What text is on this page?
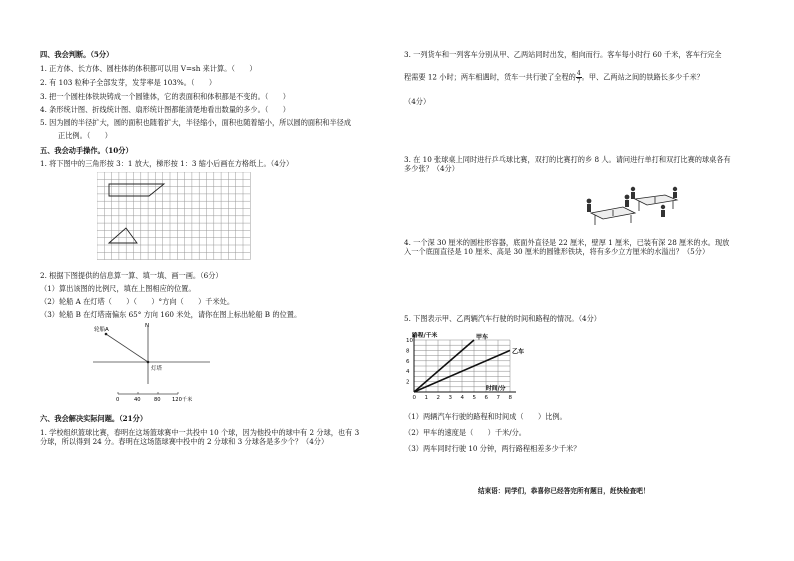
四、我会判断。（5分）
1. 正方体、长方体、圆柱体的体积都可以用 V=sh 来计算。（　　）
2. 有 103 粒种子全部发芽，发芽率是 103%。（　　）
3. 把一个圆柱体铁块铸成一个圆锥体，它的表面积和体积都是不变的。（　　）
4. 条形统计图、折线统计图、扇形统计图都能清楚地看出数量的多少。（　　）
5. 因为圆的半径扩大，圆的面积也随着扩大，半径缩小，面积也随着缩小，所以圆的面积和半径成
正比例。（　　）
五、我会动手操作。（10分）
1. 将下图中的三角形按 3：1 放大，梯形按 1：3 缩小后画在方格纸上。（4分）
2. 根据下图提供的信息算一算、填一填、画一画。（6分）
（1）算出该图的比例尺，填在上图相应的位置。
（2）轮船 A 在灯塔（　　）（　　）°方向（　　）千米处。
（3）轮船 B 在灯塔南偏东 65° 方向 160 米处，请你在图上标出轮船 B 的位置。
轮船A
N
灯塔
0	40	80 120千米
六、我会解决实际问题。（21分）
1. 学校组织篮球比赛，春明在这场篮球赛中一共投中 10 个球，因为他投中的球中有 2 分球，也有 3 分球，所以得到 24 分。春明在这场篮球赛中投中的 2 分球和 3 分球各是多少个？（4分）
3. 一列货车和一列客车分别从甲、乙两站同时出发，相向而行。客车每小时行 60 千米，客车行完全
程需要 12 小时；两车相遇时，货车一共行驶了全程的 $\frac{4}{7}$ 。甲、乙两站之间的铁路长多少千米？
（4分）
3. 在 10 张球桌上同时进行乒乓球比赛，双打的比赛打的乡 8 人。请问进行单打和双打比赛的球桌各有多少张？（4分）
4. 一个深 30 厘米的圆柱形容器，底面外直径是 22 厘米，壁厚 1 厘米，已装有深 28 厘米的水。现放入一个底面直径是 10 厘米、高是 30 厘米的圆锥形铁块，将有多少立方厘米的水溢出？（5分）
5. 下图表示甲、乙两辆汽车行驶的时间和路程的情况。（4分）
甲车
乙车
0 1 2 3 4 5 6 7 8
2
4
6
8
10
路程/千米
时间/分
（1）两辆汽车行驶的路程和时间成（　　）比例。
（2）甲车的速度是（　　）千米/分。
（3）两车同时行驶 10 分钟，两行路程相差多少千米？
结束语：同学们，恭喜你已经答完所有题目，赶快检查吧！
